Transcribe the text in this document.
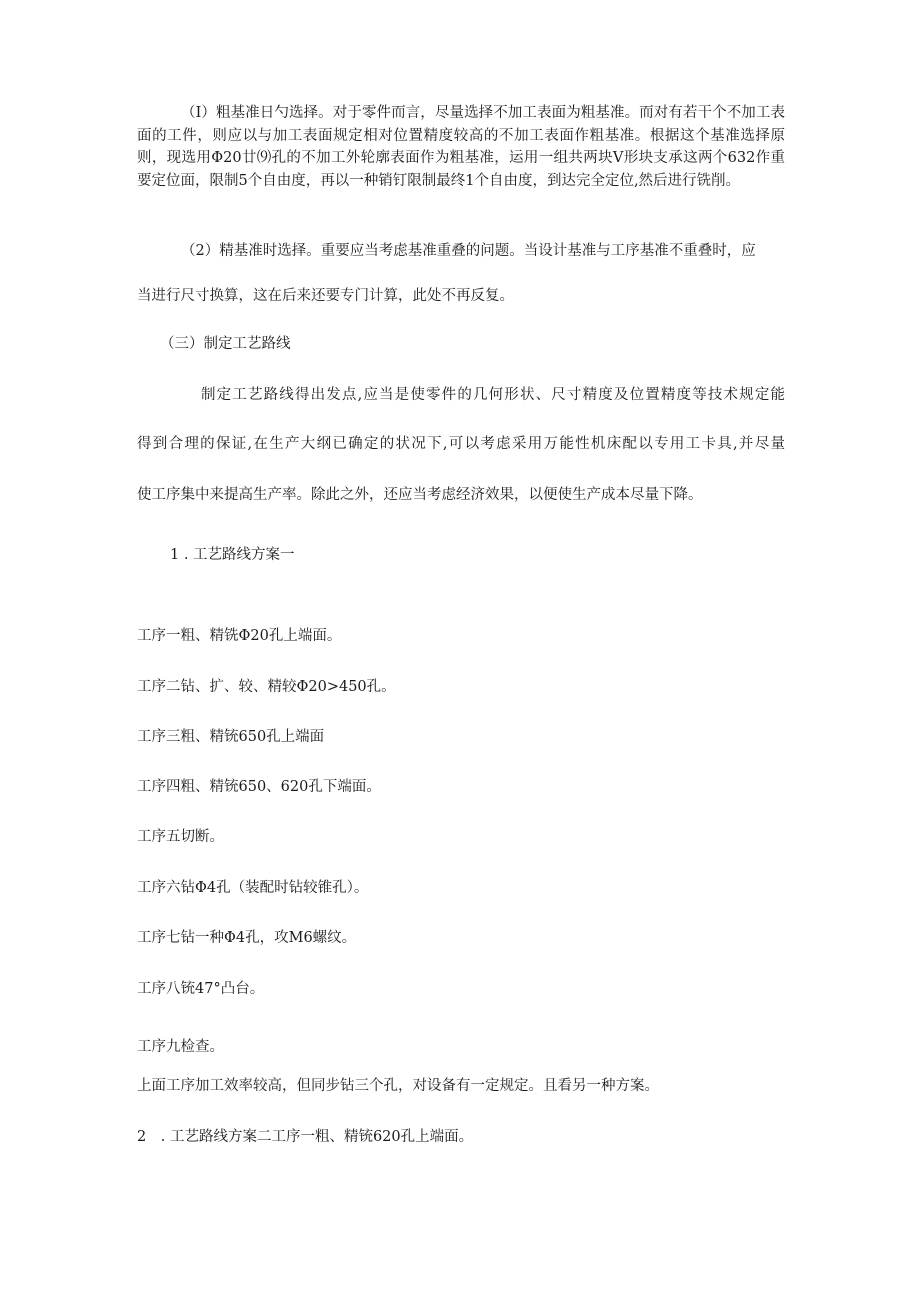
（I）粗基准日勺选择。对于零件而言，尽量选择不加工表面为粗基准。而对有若干个不加工表面的工件，则应以与加工表面规定相对位置精度较高的不加工表面作粗基准。根据这个基准选择原则，现选用Φ20廿⑼孔的不加工外轮廓表面作为粗基准，运用一组共两块V形块支承这两个632作重要定位面，限制5个自由度，再以一种销钉限制最终1个自由度，到达完全定位,然后进行铣削。

（2）精基准时选择。重要应当考虑基准重叠的问题。当设计基准与工序基准不重叠时，应

当进行尺寸换算，这在后来还要专门计算，此处不再反复。

（三）制定工艺路线

制定工艺路线得出发点,应当是使零件的几何形状、尺寸精度及位置精度等技术规定能

得到合理的保证,在生产大纲已确定的状况下,可以考虑采用万能性机床配以专用工卡具,并尽量

使工序集中来提高生产率。除此之外，还应当考虑经济效果，以便使生产成本尽量下降。

1 . 工艺路线方案一

工序一粗、精铣Φ20孔上端面。

工序二钻、扩、较、精较Φ20>450孔。

工序三粗、精铳650孔上端面

工序四粗、精铳650、620孔下端面。

工序五切断。

工序六钻Φ4孔（装配时钻较锥孔）。

工序七钻一种Φ4孔，攻M6螺纹。

工序八铳47°凸台。

工序九检查。

上面工序加工效率较高，但同步钻三个孔，对设备有一定规定。且看另一种方案。

2　. 工艺路线方案二工序一粗、精铳620孔上端面。
